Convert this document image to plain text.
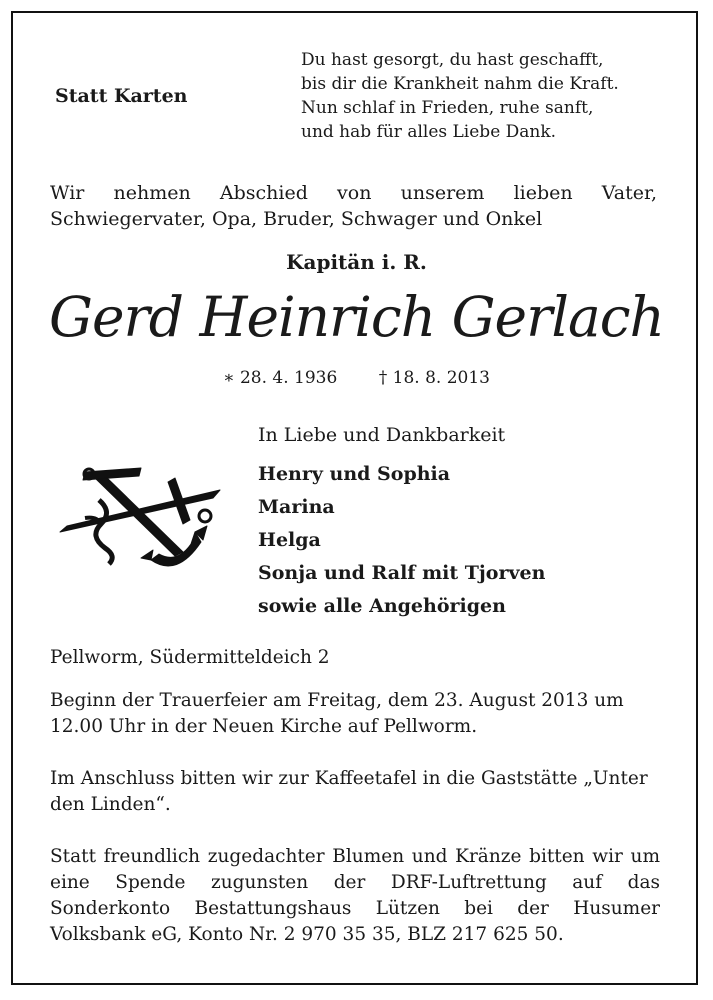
Statt Karten
Du hast gesorgt, du hast geschafft,
bis dir die Krankheit nahm die Kraft.
Nun schlaf in Frieden, ruhe sanft,
und hab für alles Liebe Dank.

Wir nehmen Abschied von unserem lieben Vater, Schwiegervater, Opa, Bruder, Schwager und Onkel

Kapitän i. R.
Gerd Heinrich Gerlach
∗ 28. 4. 1936 † 18. 8. 2013
In Liebe und Dankbarkeit
Henry und Sophia
Marina
Helga
Sonja und Ralf mit Tjorven
sowie alle Angehörigen

Pellworm, Südermitteldeich 2

Beginn der Trauerfeier am Freitag, dem 23. August 2013 um 12.00 Uhr in der Neuen Kirche auf Pellworm.

Im Anschluss bitten wir zur Kaffeetafel in die Gaststätte „Unter den Linden“.

Statt freundlich zugedachter Blumen und Kränze bitten wir um eine Spende zugunsten der DRF-Luftrettung auf das Sonderkonto Bestattungshaus Lützen bei der Husumer Volksbank eG, Konto Nr. 2 970 35 35, BLZ 217 625 50.
